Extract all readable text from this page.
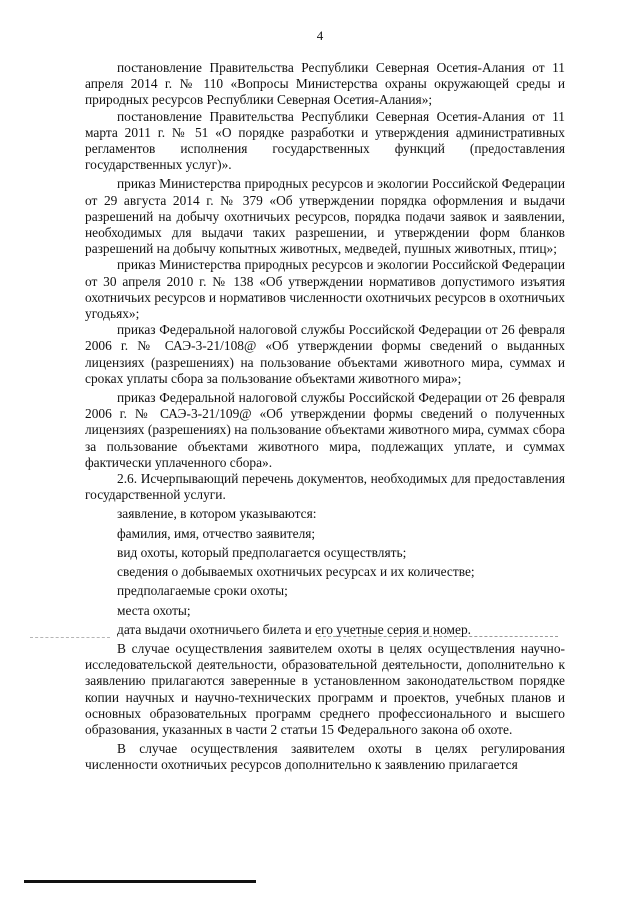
4

постановление Правительства Республики Северная Осетия-Алания от 11 апреля 2014 г. № 110 «Вопросы Министерства охраны окружающей среды и природных ресурсов Республики Северная Осетия-Алания»;

постановление Правительства Республики Северная Осетия-Алания от 11 марта 2011 г. № 51 «О порядке разработки и утверждения административных регламентов исполнения государственных функций (предоставления государственных услуг)».

приказ Министерства природных ресурсов и экологии Российской Федерации от 29 августа 2014 г. № 379 «Об утверждении порядка оформления и выдачи разрешений на добычу охотничьих ресурсов, порядка подачи заявок и заявлении, необходимых для выдачи таких разрешении, и утверждении форм бланков разрешений на добычу копытных животных, медведей, пушных животных, птиц»;

приказ Министерства природных ресурсов и экологии Российской Федерации от 30 апреля 2010 г. № 138 «Об утверждении нормативов допустимого изъятия охотничьих ресурсов и нормативов численности охотничьих ресурсов в охотничьих угодьях»;

приказ Федеральной налоговой службы Российской Федерации от 26 февраля 2006 г. № САЭ-3-21/108@ «Об утверждении формы сведений о выданных лицензиях (разрешениях) на пользование объектами животного мира, суммах и сроках уплаты сбора за пользование объектами животного мира»;

приказ Федеральной налоговой службы Российской Федерации от 26 февраля 2006 г. № САЭ-3-21/109@ «Об утверждении формы сведений о полученных лицензиях (разрешениях) на пользование объектами животного мира, суммах сбора за пользование объектами животного мира, подлежащих уплате, и суммах фактически уплаченного сбора».

2.6. Исчерпывающий перечень документов, необходимых для предоставления государственной услуги.

заявление, в котором указываются:

фамилия, имя, отчество заявителя;

вид охоты, который предполагается осуществлять;

сведения о добываемых охотничьих ресурсах и их количестве;

предполагаемые сроки охоты;

места охоты;

дата выдачи охотничьего билета и его учетные серия и номер.

В случае осуществления заявителем охоты в целях осуществления научно-исследовательской деятельности, образовательной деятельности, дополнительно к заявлению прилагаются заверенные в установленном законодательством порядке копии научных и научно-технических программ и проектов, учебных планов и основных образовательных программ среднего профессионального и высшего образования, указанных в части 2 статьи 15 Федерального закона об охоте.

В случае осуществления заявителем охоты в целях регулирования численности охотничьих ресурсов дополнительно к заявлению прилагается
